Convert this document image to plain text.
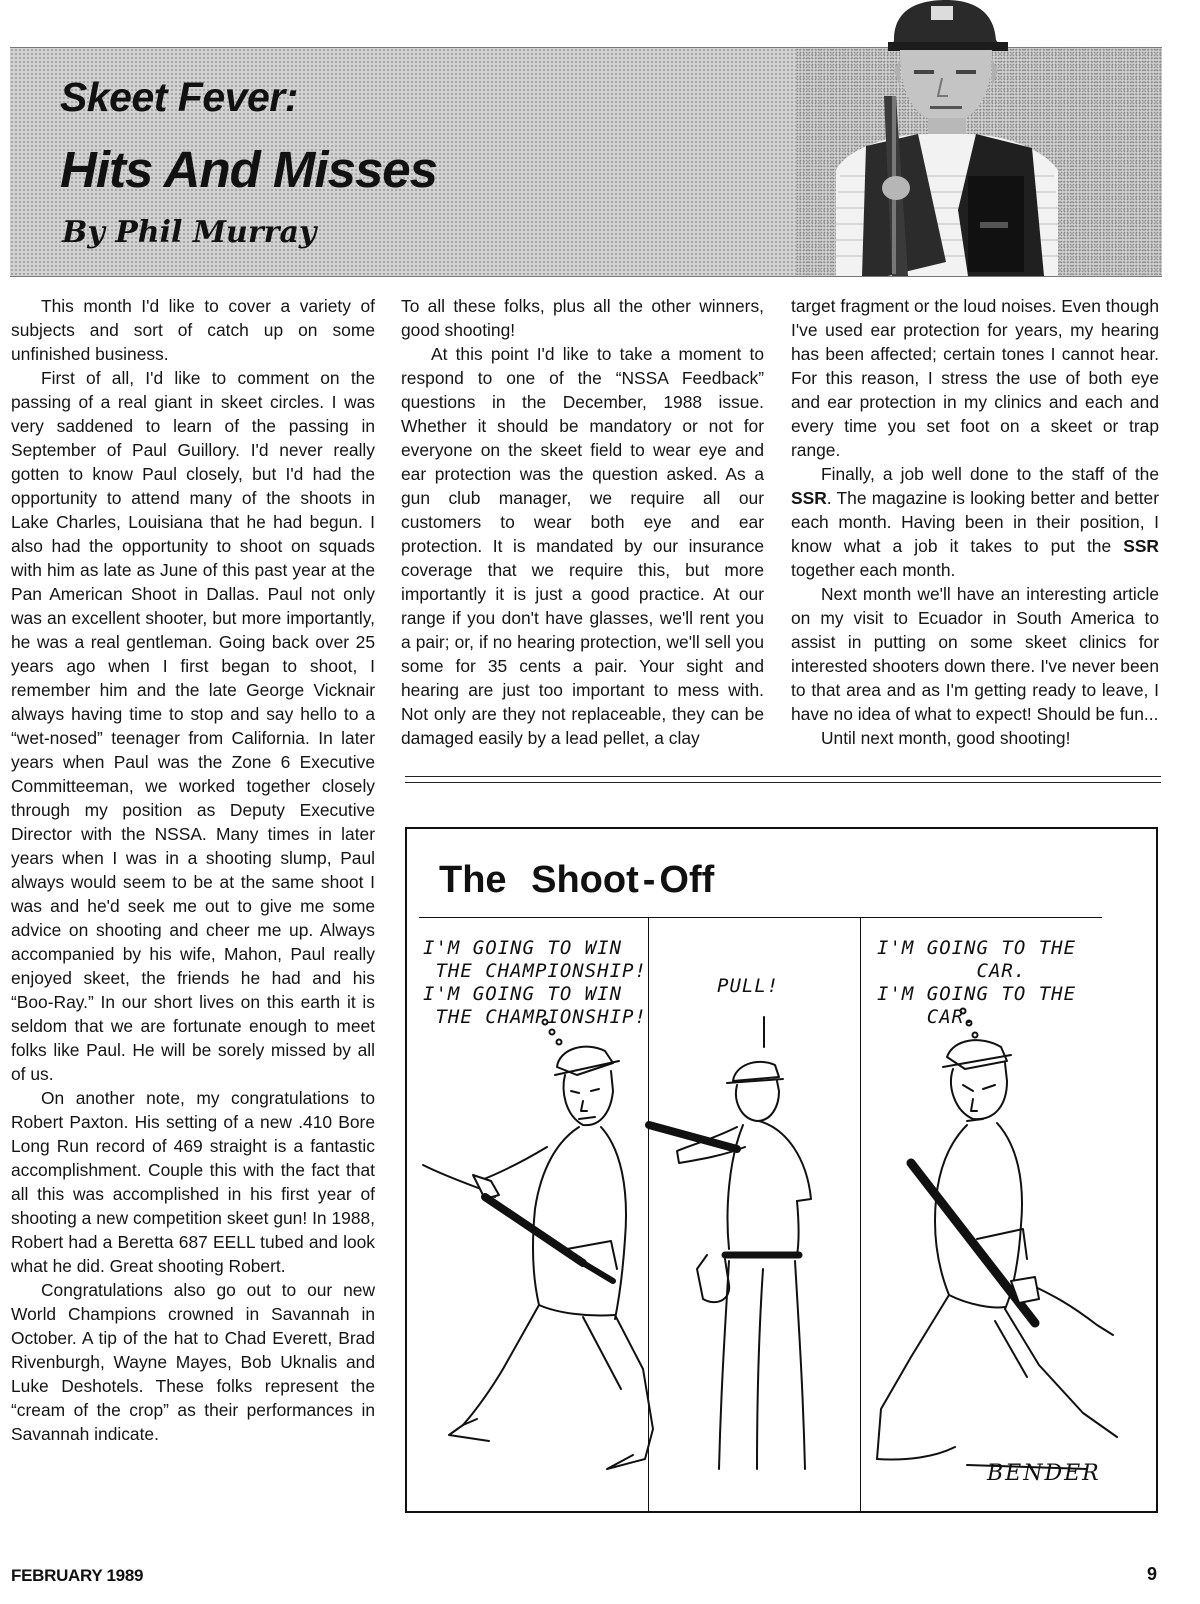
Skeet Fever:
Hits And Misses

By Phil Murray

This month I'd like to cover a variety of subjects and sort of catch up on some unfinished business.

First of all, I'd like to comment on the passing of a real giant in skeet circles. I was very saddened to learn of the passing in September of Paul Guillory. I'd never really gotten to know Paul closely, but I'd had the opportunity to attend many of the shoots in Lake Charles, Louisiana that he had begun. I also had the opportunity to shoot on squads with him as late as June of this past year at the Pan American Shoot in Dallas. Paul not only was an excellent shooter, but more importantly, he was a real gentleman. Going back over 25 years ago when I first began to shoot, I remember him and the late George Vicknair always having time to stop and say hello to a “wet-nosed” teenager from California. In later years when Paul was the Zone 6 Executive Committeeman, we worked together closely through my position as Deputy Executive Director with the NSSA. Many times in later years when I was in a shooting slump, Paul always would seem to be at the same shoot I was and he'd seek me out to give me some advice on shooting and cheer me up. Always accompanied by his wife, Mahon, Paul really enjoyed skeet, the friends he had and his “Boo-Ray.” In our short lives on this earth it is seldom that we are fortunate enough to meet folks like Paul. He will be sorely missed by all of us.

On another note, my congratulations to Robert Paxton. His setting of a new .410 Bore Long Run record of 469 straight is a fantastic accomplishment. Couple this with the fact that all this was accomplished in his first year of shooting a new competition skeet gun! In 1988, Robert had a Beretta 687 EELL tubed and look what he did. Great shooting Robert.

Congratulations also go out to our new World Champions crowned in Savannah in October. A tip of the hat to Chad Everett, Brad Rivenburgh, Wayne Mayes, Bob Uknalis and Luke Deshotels. These folks represent the “cream of the crop” as their performances in Savannah indicate.

To all these folks, plus all the other winners, good shooting!

At this point I'd like to take a moment to respond to one of the “NSSA Feedback” questions in the December, 1988 issue. Whether it should be mandatory or not for everyone on the skeet field to wear eye and ear protection was the question asked. As a gun club manager, we require all our customers to wear both eye and ear protection. It is mandated by our insurance coverage that we require this, but more importantly it is just a good practice. At our range if you don't have glasses, we'll rent you a pair; or, if no hearing protection, we'll sell you some for 35 cents a pair. Your sight and hearing are just too important to mess with. Not only are they not replaceable, they can be damaged easily by a lead pellet, a clay

target fragment or the loud noises. Even though I've used ear protection for years, my hearing has been affected; certain tones I cannot hear. For this reason, I stress the use of both eye and ear protection in my clinics and each and every time you set foot on a skeet or trap range.

Finally, a job well done to the staff of the SSR. The magazine is looking better and better each month. Having been in their position, I know what a job it takes to put the SSR together each month.

Next month we'll have an interesting article on my visit to Ecuador in South America to assist in putting on some skeet clinics for interested shooters down there. I've never been to that area and as I'm getting ready to leave, I have no idea of what to expect! Should be fun...

Until next month, good shooting!

The Shoot - Off

I'M GOING TO WIN
THE CHAMPIONSHIP!
I'M GOING TO WIN
THE CHAMPIONSHIP!

PULL!

I'M GOING TO THE
CAR.
I'M GOING TO THE
CAR.

BENDER

FEBRUARY 1989	9
